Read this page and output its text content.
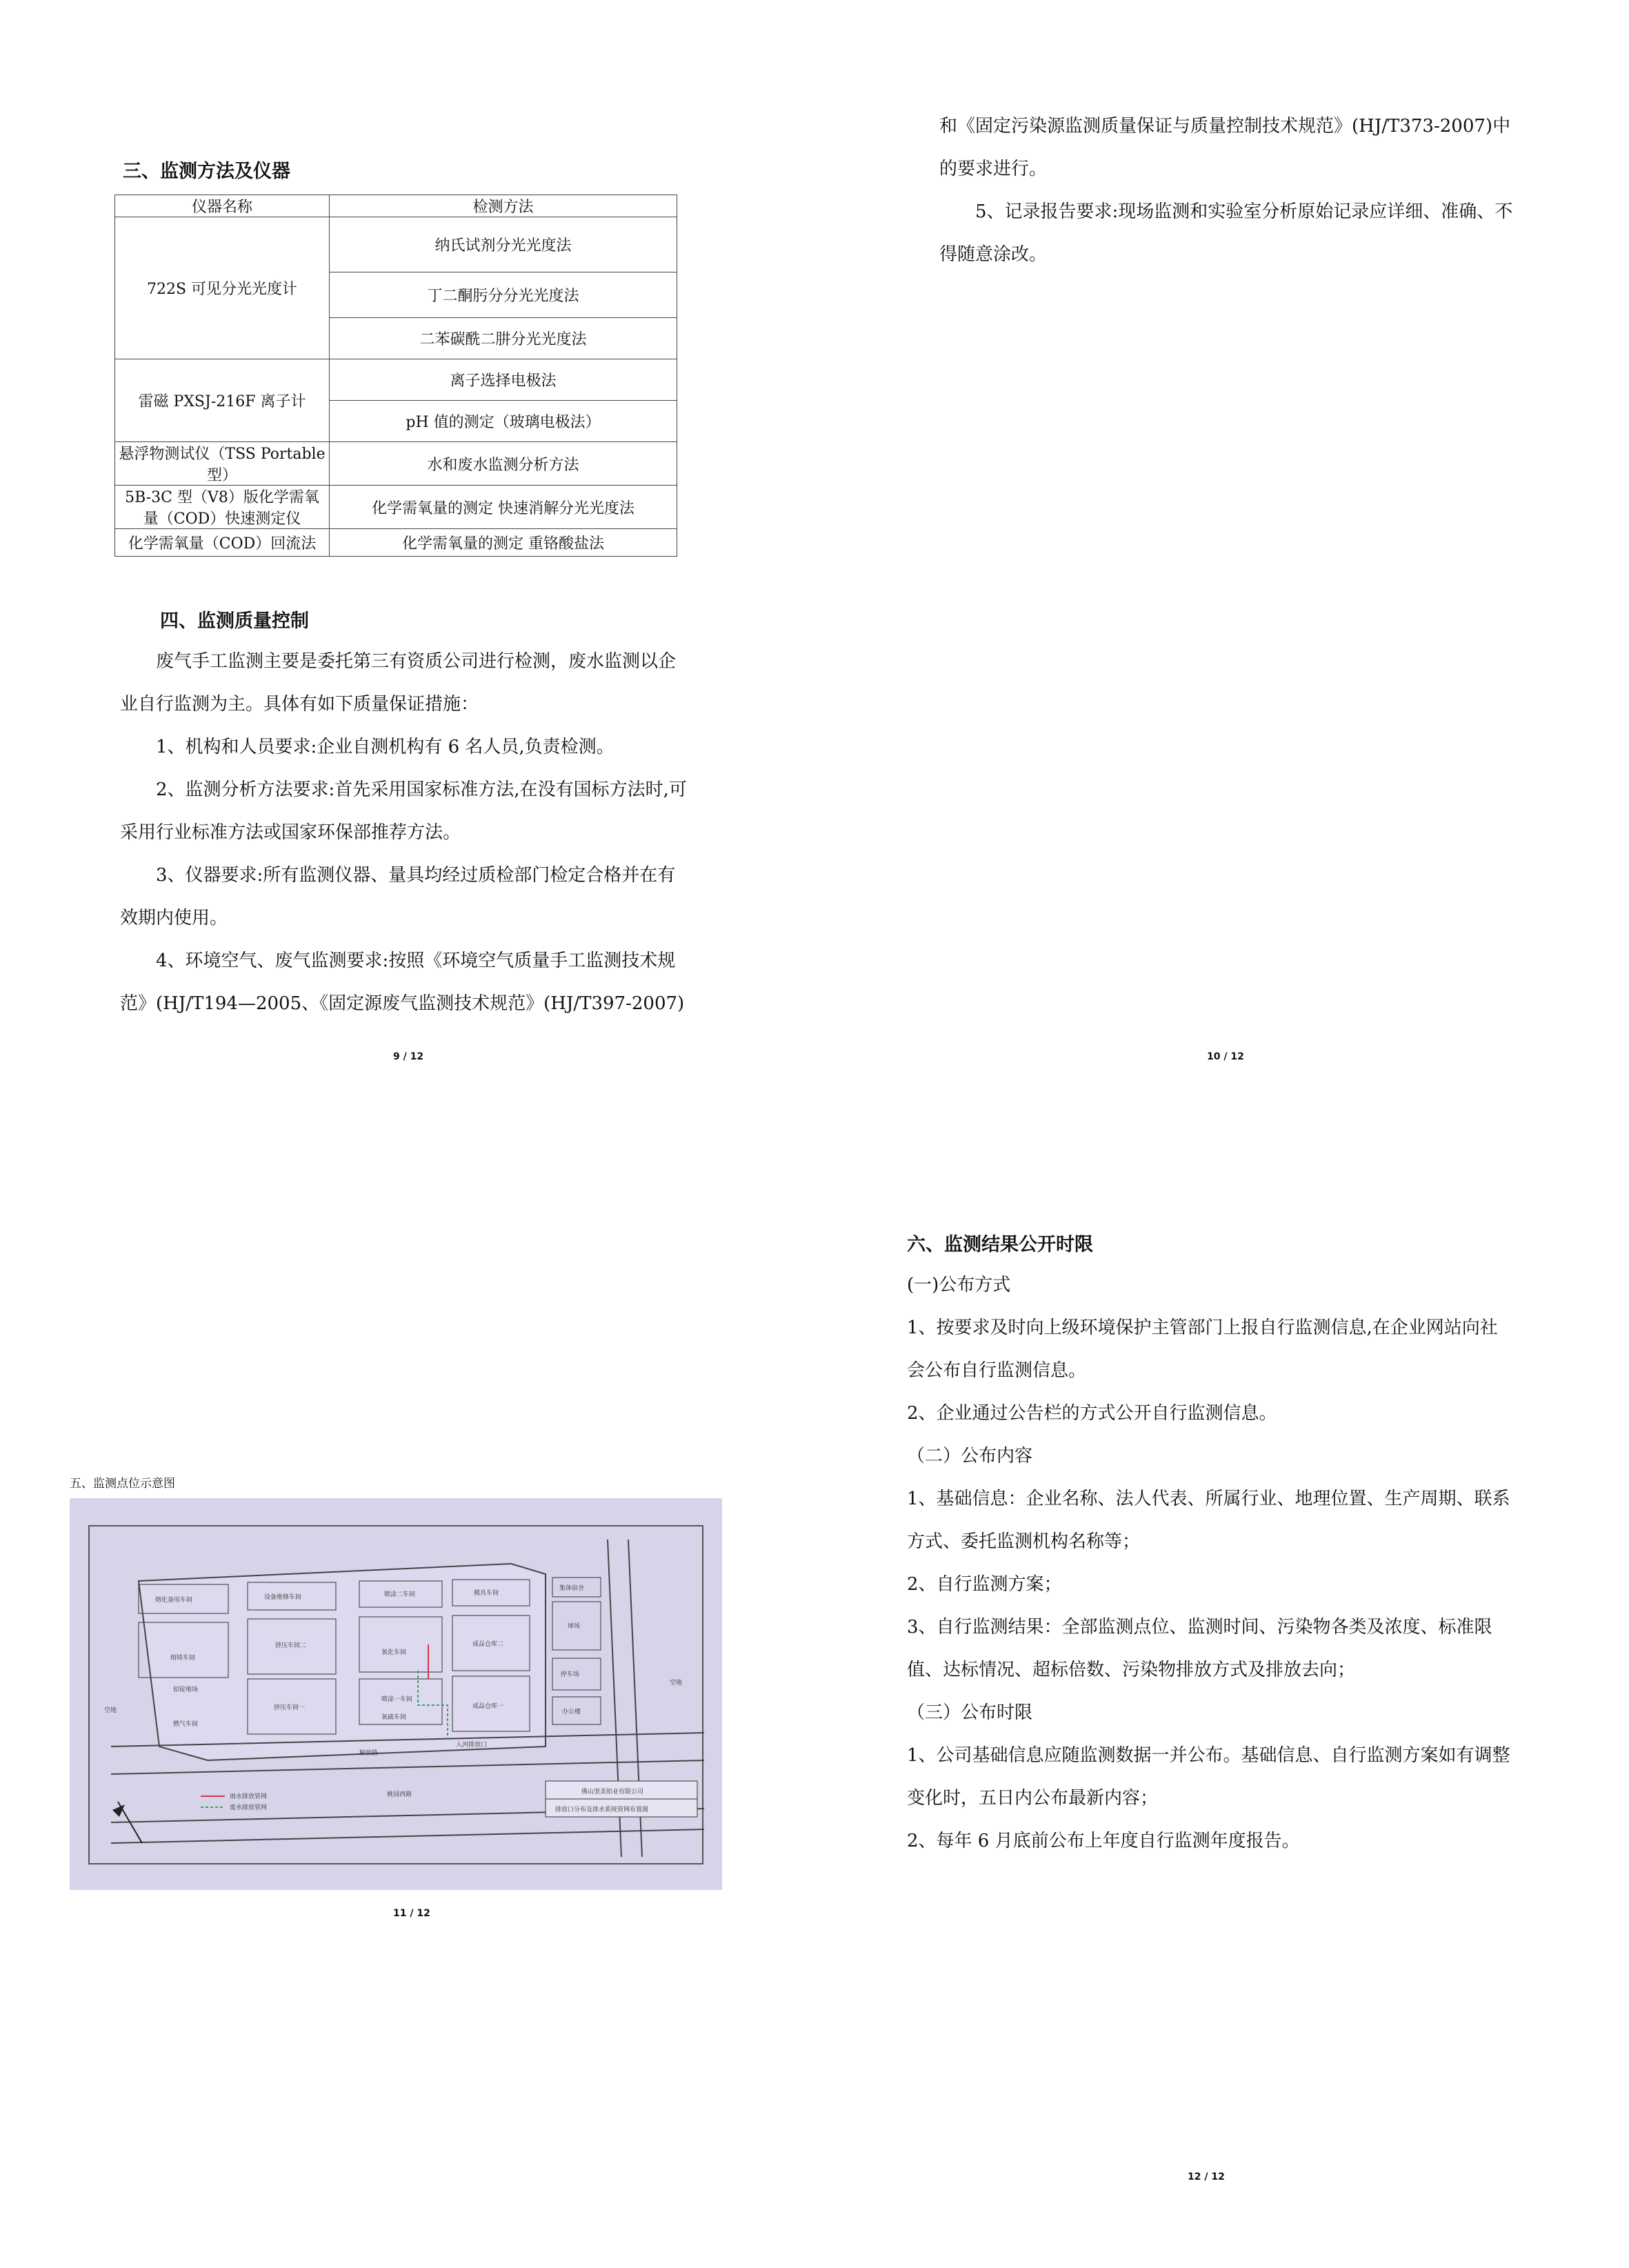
三、监测方法及仪器
仪器名称	检测方法
722S 可见分光光度计	纳氏试剂分光光度法
	丁二酮肟分分光光度法
	二苯碳酰二肼分光光度法
雷磁 PXSJ-216F 离子计	离子选择电极法
	pH 值的测定（玻璃电极法）
悬浮物测试仪（TSS Portable 型）	水和废水监测分析方法
5B-3C 型（V8）版化学需氧量（COD）快速测定仪	化学需氧量的测定 快速消解分光光度法
化学需氧量（COD）回流法	化学需氧量的测定 重铬酸盐法
四、监测质量控制

废气手工监测主要是委托第三有资质公司进行检测，废水监测以企业自行监测为主。具体有如下质量保证措施：

1、机构和人员要求:企业自测机构有 6 名人员,负责检测。

2、监测分析方法要求:首先采用国家标准方法,在没有国标方法时,可采用行业标准方法或国家环保部推荐方法。

3、仪器要求:所有监测仪器、量具均经过质检部门检定合格并在有效期内使用。

4、环境空气、废气监测要求:按照《环境空气质量手工监测技术规范》(HJ/T194—2005、《固定源废气监测技术规范》(HJ/T397-2007)

9 / 12

和《固定污染源监测质量保证与质量控制技术规范》(HJ/T373-2007)中的要求进行。

5、记录报告要求:现场监测和实验室分析原始记录应详细、准确、不得随意涂改。

10 / 12
五、监测点位示意图
熔化备用车间	设备维修车间	喷涂二车间	模具车间
集体宿舍
熔铸车间
挤压车间二
氧化车间
成品仓库二
球场
铝锭堆场
挤压车间一
喷涂一车间
氧硫车间
成品仓库一
停车场
办公楼
燃气车间
解放路
桃园西路
空地
空地
入河排放口
雨水排放管网
废水排放管网
佛山坚美铝业有限公司
排放口分布及排水系统管网布置图
11 / 12
六、监测结果公开时限

(一)公布方式

1、按要求及时向上级环境保护主管部门上报自行监测信息,在企业网站向社会公布自行监测信息。

2、企业通过公告栏的方式公开自行监测信息。

（二）公布内容

1、基础信息：企业名称、法人代表、所属行业、地理位置、生产周期、联系方式、委托监测机构名称等；

2、自行监测方案；

3、自行监测结果：全部监测点位、监测时间、污染物各类及浓度、标准限值、达标情况、超标倍数、污染物排放方式及排放去向；

（三）公布时限

1、公司基础信息应随监测数据一并公布。基础信息、自行监测方案如有调整变化时，五日内公布最新内容；

2、每年 6 月底前公布上年度自行监测年度报告。

12 / 12
